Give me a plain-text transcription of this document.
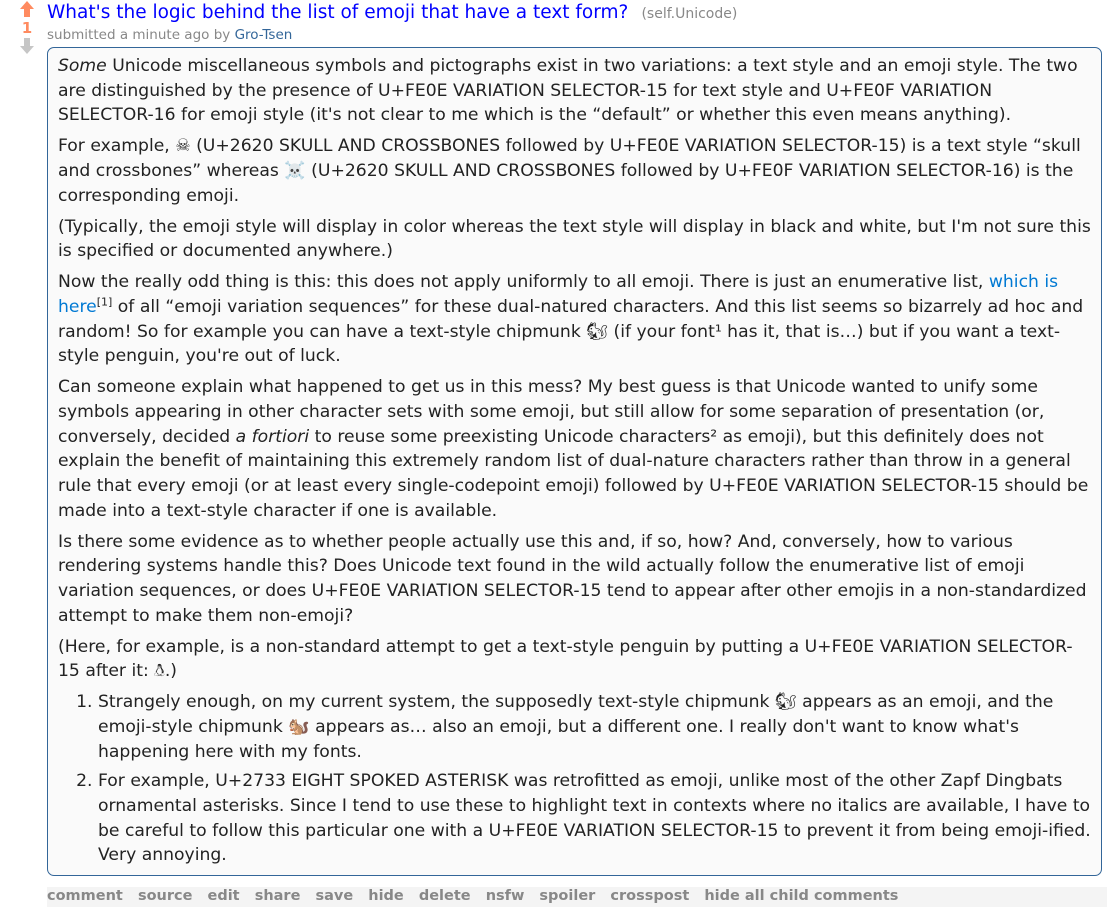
1
What's the logic behind the list of emoji that have a text form? (self.Unicode)
submitted a minute ago by Gro-Tsen

Some Unicode miscellaneous symbols and pictographs exist in two variations: a text style and an emoji style. The two are distinguished by the presence of U+FE0E VARIATION SELECTOR-15 for text style and U+FE0F VARIATION SELECTOR-16 for emoji style (it's not clear to me which is the “default” or whether this even means anything).

For example, ☠ (U+2620 SKULL AND CROSSBONES followed by U+FE0E VARIATION SELECTOR-15) is a text style “skull and crossbones” whereas ☠️ (U+2620 SKULL AND CROSSBONES followed by U+FE0F VARIATION SELECTOR-16) is the corresponding emoji.

(Typically, the emoji style will display in color whereas the text style will display in black and white, but I'm not sure this is specified or documented anywhere.)

Now the really odd thing is this: this does not apply uniformly to all emoji. There is just an enumerative list, which is here[1] of all “emoji variation sequences” for these dual-natured characters. And this list seems so bizarrely ad hoc and random! So for example you can have a text-style chipmunk 🐿︎ (if your font¹ has it, that is…) but if you want a text-style penguin, you're out of luck.

Can someone explain what happened to get us in this mess? My best guess is that Unicode wanted to unify some symbols appearing in other character sets with some emoji, but still allow for some separation of presentation (or, conversely, decided a fortiori to reuse some preexisting Unicode characters² as emoji), but this definitely does not explain the benefit of maintaining this extremely random list of dual-nature characters rather than throw in a general rule that every emoji (or at least every single-codepoint emoji) followed by U+FE0E VARIATION SELECTOR-15 should be made into a text-style character if one is available.

Is there some evidence as to whether people actually use this and, if so, how? And, conversely, how to various rendering systems handle this? Does Unicode text found in the wild actually follow the enumerative list of emoji variation sequences, or does U+FE0E VARIATION SELECTOR-15 tend to appear after other emojis in a non-standardized attempt to make them non-emoji?

(Here, for example, is a non-standard attempt to get a text-style penguin by putting a U+FE0E VARIATION SELECTOR-15 after it: 🐧︎.)

1. Strangely enough, on my current system, the supposedly text-style chipmunk 🐿︎ appears as an emoji, and the emoji-style chipmunk 🐿️ appears as… also an emoji, but a different one. I really don't want to know what's happening here with my fonts.
2. For example, U+2733 EIGHT SPOKED ASTERISK was retrofitted as emoji, unlike most of the other Zapf Dingbats ornamental asterisks. Since I tend to use these to highlight text in contexts where no italics are available, I have to be careful to follow this particular one with a U+FE0E VARIATION SELECTOR-15 to prevent it from being emoji-ified. Very annoying.
comment source edit share save hide delete nsfw spoiler crosspost hide all child comments
